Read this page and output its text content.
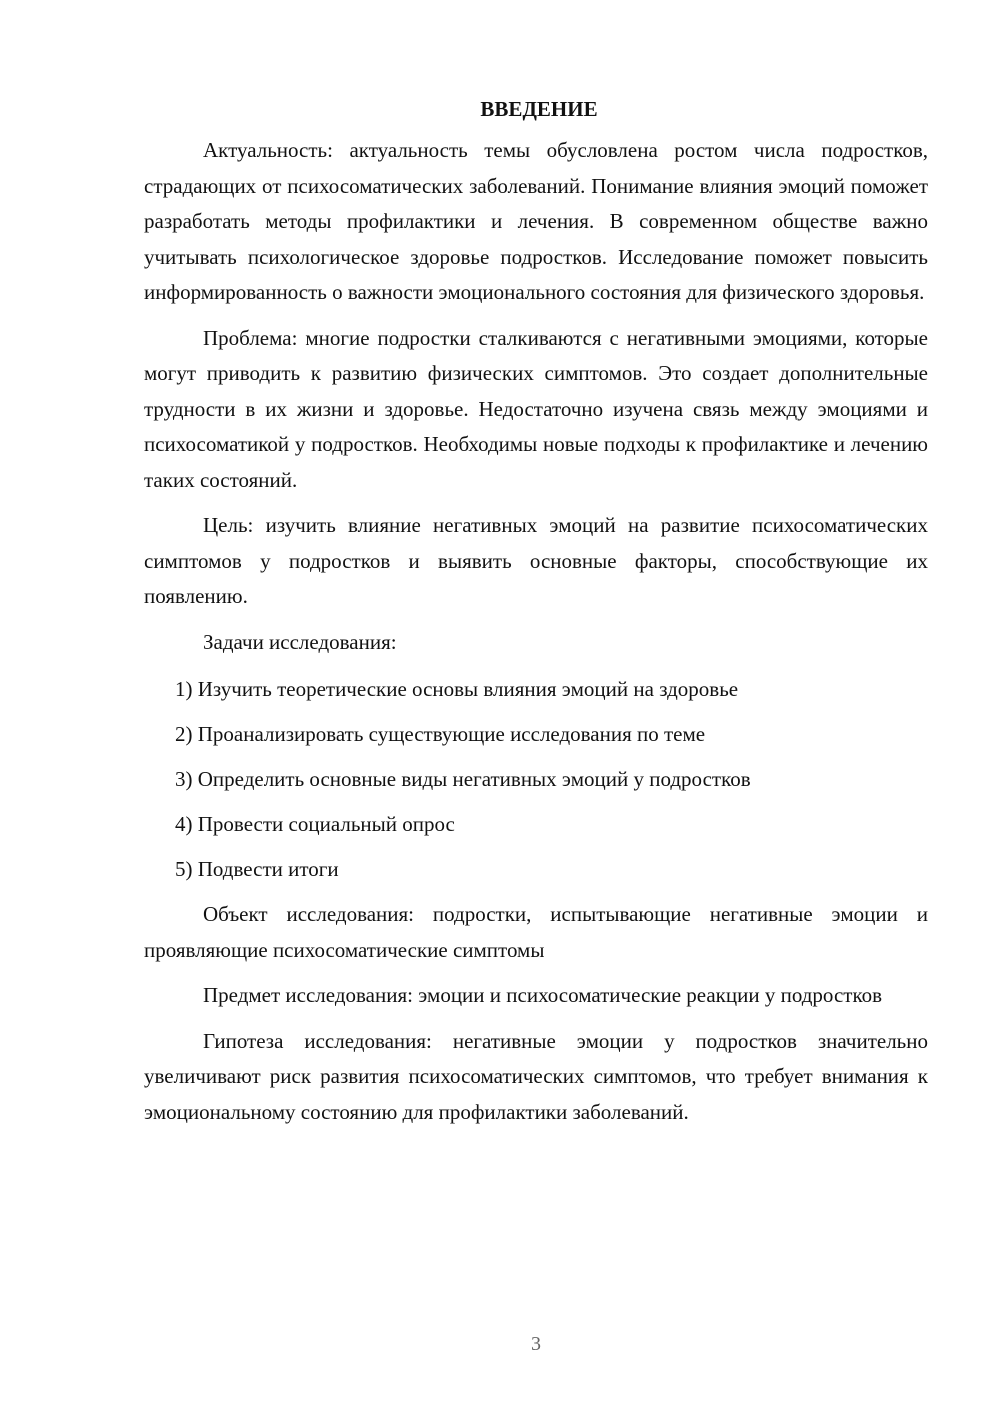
ВВЕДЕНИЕ

Актуальность: актуальность темы обусловлена ростом числа подростков, страдающих от психосоматических заболеваний. Понимание влияния эмоций поможет разработать методы профилактики и лечения. В современном обществе важно учитывать психологическое здоровье подростков. Исследование поможет повысить информированность о важности эмоционального состояния для физического здоровья.

Проблема: многие подростки сталкиваются с негативными эмоциями, которые могут приводить к развитию физических симптомов. Это создает дополнительные трудности в их жизни и здоровье. Недостаточно изучена связь между эмоциями и психосоматикой у подростков. Необходимы новые подходы к профилактике и лечению таких состояний.

Цель: изучить влияние негативных эмоций на развитие психосоматических симптомов у подростков и выявить основные факторы, способствующие их появлению.

Задачи исследования:

1) Изучить теоретические основы влияния эмоций на здоровье
2) Проанализировать существующие исследования по теме
3) Определить основные виды негативных эмоций у подростков
4) Провести социальный опрос
5) Подвести итоги

Объект исследования: подростки, испытывающие негативные эмоции и проявляющие психосоматические симптомы

Предмет исследования: эмоции и психосоматические реакции у подростков

Гипотеза исследования: негативные эмоции у подростков значительно увеличивают риск развития психосоматических симптомов, что требует внимания к эмоциональному состоянию для профилактики заболеваний.

3
